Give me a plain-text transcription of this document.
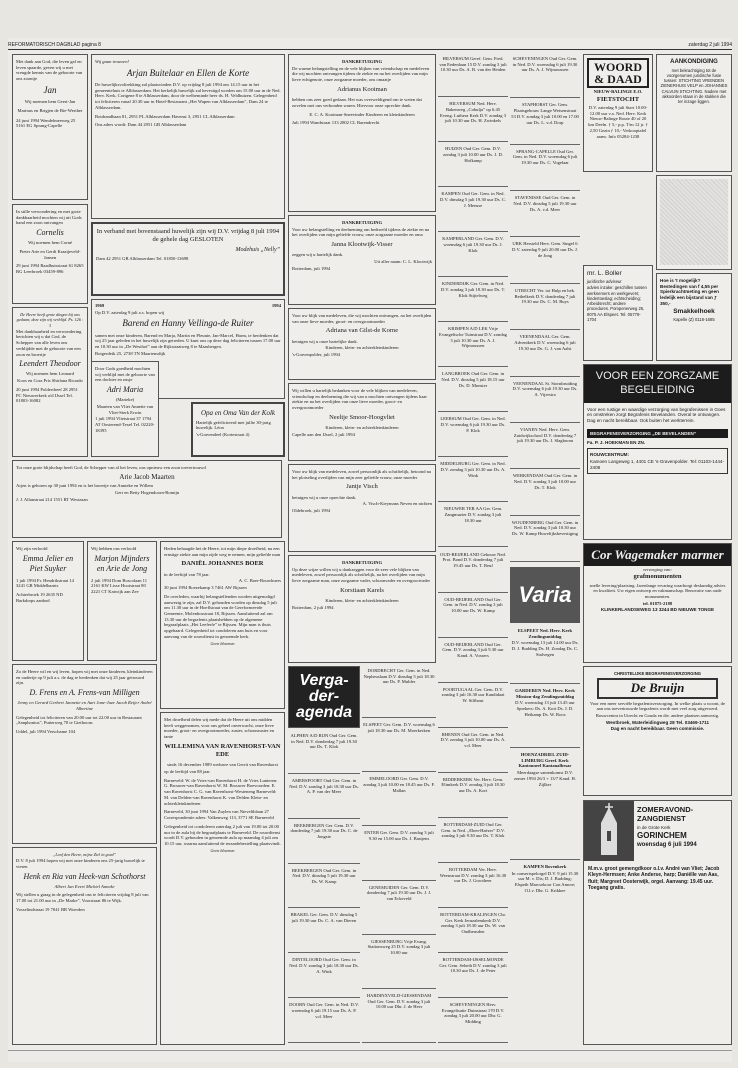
REFORMATORISCH DAGBLAD pagina 8	zaterdag 2 juli 1994

Met dank aan God, die leven gaf en leven spaarde, geven wij u met vreugde kennis van de geboorte van ons zoontje

Jan

Wij noemen hem Geert-Jan

Marinus en Brigjen de Bie-Werther

24 juni 1994 Wendelmeeweg 25 5161 EG Sprang-Capelle

In stille verwondering en met grote dankbaarheid mochten wij uit Gods hand een zoon ontvangen

Cornelis

Wij noemen hem Corné

Pieter Arie en Gerdi Kraaijeveld-Jansen

29 juni 1994 Raadhuisstraat 61 8265 BG Leerbroek 03459-896

De Heere heeft grote dingen bij ons gedaan; deze zijn wij verblijd. Ps. 126 : 3

Met dankbaarheid en verwondering berichten wij u dat God, de Schepper van alle leven ons verblijdde met de geboorte van een zoon en broertje

Leendert Theodoor

Wij noemen hem Leonard

Koos en Cora Pris Shirlana Ricardo

20 juni 1994 Polderdreef 28 2951 PC Nieuwerkerk a/d IJssel Tel. 01803-16082

Tot onze grote blijdschap heeft God, de Schepper van al het leven, ons opnieuw een zoon toevertrouwd

Arie Jacob Maarten

Arjen is geboren op 30 juni 1994 en is het broertje van Annieke en Willem

Gert en Betty Hogendoorn-Romijn

J. J. Allanstraat 214 1551 RT Westzaan

Wij zijn verloofd

Emma Jelier en Piet Suyker

1 juli 1994 Fr. Hendrikstraat 14 3241 GR Middelharnis

Achterbroek 19 2635 ND Barkdorps aanbod

Wij hebben ons verloofd

Marjon Mijnders en Arie de Jong

2 juli 1994 Dom Boscolaan 11 2161 KW Lisse Hooistraat 80 2221 CT Katwijk aan Zee

Zo de Heere wil en wij leven, hopen wij met onze kinderen, kleinkinderen en oudertje op 9 juli a.s. de dag te herdenken dat wij 25 jaar getrouwd zijn.

D. Frens en A. Frens-van Milligen

Jenny en Gerard Gerbert Jannette en Aart Jane-Jaze Jacob Reijer André Albertine

Gelegenheid tot feliciteren van 20.00 uur tot 22.00 uur in Restaurant „Sanphonius”, Putterweg 70 te Giethoorn.

Uddel, juli 1994 Verschame 104

„Loof den Heere, mijne Ziel in goed”

D.V. 8 juli 1994 hopen wij met onze kinderen ons 25-jarig huwelijk te vieren

Henk en Ria van Heek-van Schothorst

Albert Jan Evert Michiel Anneke

Wij stellen u graag in de gelegenheid ons te feliciteren vrijdag 8 juli van 17.00 tot 21.00 uur in „De Marke”, Voorstraat 86 te Wijk.

Vosselindstraat 19 7041 BR Woerden

Wij gaan trouwen!

Arjan Buitelaar en Ellen de Korte

De huwelijksvoltrekking zal plaatsvinden D.V. op vrijdag 8 juli 1994 om 14.15 uur in het gemeentehuis te Alblasserdam. Het kerkelijk huwelijk zal bevestigd worden om 15.00 uur in de Ned. Herv. Kerk, Cortgene 8 te Alblasserdam, door de welbeminde heer ds. H. Veldhuizen. Gelegenheid tot feliciteren vanaf 20.30 uur in Hotel-Restaurant „Het Wapen van Alblasserdam”, Dam 24 te Alblasserdam.

Botdrandhaan 81, 2951 PL Alblasserdam Havenst 3, 2951 CL Alblasserdam

Ons adres wordt: Dam 44 2951 GB Alblasserdam

In verband met bovenstaand huwelijk zijn wij D.V. vrijdag 8 juli 1994 de gehele dag GESLOTEN

Modehuis „Nelly”

Dam 42 2951 GB Alblasserdam Tel. 01850-13698

1969	1994

Op D.V. zaterdag 9 juli a.s. hopen wij

Barend en Hanny Vellinga-de Ruiter

samen met onze kinderen, Barend en Marja, Martin en Pleunie, Jan-Marcel, Harm, te herdenken dat wij 25 jaar geleden in het huwelijk zijn getreden. U kunt ons op deze dag feliciteren tussen 17.00 uur en 18.30 uur in „De Westhof” aan de Rijkstraatweg 8 te Maasbergen.

Boigerdeik 25, 2738 TN Maartensdijk

Door Gods goedheid mochten wij verblijd met de geboorte van een dochter en zusje

Adri Maria

(Marieke)

Maarten van Vliet Annette van Vliet-Sterk Erwin

1 juli 1994 Vlietstraat 37 1794 AT Oosterend-Texel Tel. 02220-18395

Opa en Oma Van der Kolk

Hartelijk gefeliciteerd met jullie 30-jarig huwelijk. Léon

's-Gravendeel (Kortestraat 4)

Heden behaagde het de Heere, tot mijn diepe droefheid, na een ernstige ziekte aan mijn zijde weg te nemen, mijn geliefde man

DANIËL JOHANNES BOER

in de leeftijd van 78 jaar.

A. C. Boer-Bouwhuers

30 juni 1994 Boezekamp 3 7461 AW Rijssen

De overleden, waarbij belangstellenden worden uitgenodigd aanwezig te zijn, zal D.V. gehouden worden op dinsdag 5 juli om 11.30 uur in de Hoeflstraat van de Gereformeerde Gemeente, Molenbosstraat 18, Rijssen. Aansluitend zal om 13.30 uur de begrafenis plaatshebben op de algemene begraafplaats „Het Leeferfe” te Rijssen. Mijn man is thuis opgebaard. Gelegenheid tot condoleren aan huis en voor aanvang van de rouwdienst in genoemde kerk.

Geen bloemen

Met droefheid delen wij mede dat de Heere uit ons midden heeft weggenomen, voor ons geheel onverwacht, onze lieve moeder, groot- en overgrootmoeder, zuster, schoonzuster en tante

WILLEMINA VAN RAVENHORST-VAN EDE

sinds 16 december 1989 weduwe van Gerrit van Ravenhorst

op de leeftijd van 88 jaar.

Barneveld: W. de Vries-van Ravenhorst H. de Vries Lunteren: G. Brouwer-van Ravenhorst W. M. Brouwer Boevoorden: E. van Ravenhorst C. G. van Ravenhorst-Westeneng Barneveld: M. van Delden-van Ravenhorst K. van Delden Klein- en achterkleinkinderen

Barneveld, 30 juni 1994 Van Zuylen van Nievelthlaan 27 Correspondentie adres: Valkenweg 113, 3771 SE Barneveld

Gelegenheid tot condoleren zaterdag 2 juli van 19.00 tot 20.00 uur in de aula bij de begraafplaats te Barneveld. De rouwdienst wordt D.V. gehouden in genoemde aula op maandag 4 juli om 10.15 uur, waarna aansluitend de teraardebestelling plaatsvindt.

Geen bloemen

DANKBETUIGING

De warme belangstelling en de vele blijken van vriendschap en medeleven die wij mochten ontvangen tijdens de ziekte en na het overlijden van mijn lieve echtgenote, onze zorgzame moeder, ons omaatje

Adrianus Kooiman

hebben ons zeer goed gedaan. Het was overweldigend om te weten dat zovelen met ons verbonden waren. Hiervoor onze oprechte dank.

E. C. A. Kooiman-Sneevinder Kinderen en kleinkinderen

Juli 1994 Wandstraat 133 2802 CL Barendrecht

DANKBETUIGING

Voor uw belangstelling en deelneming om bedroefd tijdens de ziekte en na het overlijden van mijn geliefde vrouw, onze zorgzame moeder en oma

Janna Klootwijk-Visser

zeggen wij u hartelijk dank.

Uit aller naam: C. L. Klootwijk

Rotterdam, juli 1994

Voor uw blijk van medeleven, die wij mochten ontvangen, na het overlijden van onze lieve moeder, groot- en overgrootmoeder

Adriana van Gilst-de Korne

betuigen wij u onze hartelijke dank.

Kinderen, klein- en achterkleinkinderen

's-Gravenpolder, juli 1994

Wij willen u hartelijk bedanken voor de vele blijken van medeleven, vriendschap en deelneming die wij van u mochten ontvangen tijdens haar ziekte en na het overlijden van onze lieve moeder, groot- en overgrootmoeder

Neeltje Smoor-Hoogvliet

Kinderen, klein- en achterkleinkinderen

Capelle aan den IJssel, 2 juli 1994

Voor uw blijk van medeleven, zowel persoonlijk als schriftelijk, betoond na het plotseling overlijden van mijn zeer geliefde vrouw, onze moeder

Jantje Visch

betuigen wij u onze oprechte dank.

A. Visch-Kieymans Neven en nichten

Oldebroek, juli 1994

DANKBETUIGING

Op deze wijze willen wij u dankzeggen voor de zeer vele blijken van medeleven, zowel persoonlijk als schriftelijk, na het overlijden van mijn lieve zorgzame man, onze zorgzame vader, schoonvader en overgrootvader

Korstiaan Karels

Kinderen, klein- en achterkleinkinderen

Rotterdam, 2 juli 1994

Vergaderagenda

ALPHEN A/D RIJN Oud Ger. Gem. in Ned. D.V. donderdag 7 juli 19.30 uur Ds. T. Klok

AMERSFOORT Oud Ger. Gem. in Ned. D.V. zondag 3 juli 18.30 uur Ds. A. P. van der Meer

BEEKBERGEN Ger. Gem. D.V. donderdag 7 juli 19.30 uur Ds. C. de Jongste

BEEKBERGEN Oud Ger. Gem. in Ned. D.V. dinsdag 5 juli 19.30 uur Ds. W. Kamp

BRAKEL Ger. Gem. D.V. dinsdag 5 juli 19.30 uur Ds. C. A. van Dieren

DINTELOORD Oud Ger. Gem. in Ned. D.V. zondag 3 juli 18.30 uur Ds. A. Wink

DOORN Oud Ger. Gem. in Ned. D.V. woensdag 6 juli 19.15 uur Ds. A. P. v.d. Meer

DORDRECHT Ger. Gem. in Ned. Nepheuslaan D.V. dinsdag 5 juli 18.30 uur Ds. P. Mulder

ELSPEET Ger. Gem. D.V. woensdag 6 juli 18.30 uur Ds. M. Moerkerken

EMMELOORD Ger. Gem. D.V. zondag 3 juli 10.00 en 18.45 uur Ds. F. Mallan

ENTER Ger. Gem. D.V. zondag 3 juli 9.30 en 15.00 uur Ds. J. Bastjens

GENEMUIDEN Ger. Gem. D.V. donderdag 7 juli 19.30 uur Ds. J. J. van Eckeveld

GIESSENBURG Vrije Evang. Stationsweg 25 D.V. zondag 3 juli 10.00 uur

HARDINXVELD-GIESSENDAM Oud Ger. Gem. D.V. zondag 3 juli 10.00 uur Dhr. J. de Heer

HILVERSUM Geref. Gem. Fred. van Eedenlaan 15 D.V. zondag 3 juli 10.30 uur Ds. A. B. van der Heiden

HILVERSUM Ned. Herv. Bakenweg „Cobulja” op 6.45 Eveng. Luthera Kerk D.V. zondag 3 juli 10.30 uur Ds. H. Zwinkels

HUIZEN Oud Ger. Gem. D.V. zondag 3 juli 10.00 uur Ds. J. D. Hofkamp

KAMPEN Oud Ger. Gem. in Ned. D.V. dinsdag 5 juli 19.30 uur Ds. C. J. Meeuse

KAMPERLAND Ger. Gem. D.V. woensdag 6 juli 19.30 uur Ds. J. Klok

KINDERDIJK Ger. Gem. in Ned. D.V. zondag 3 juli 18.30 uur Ds. T. Klok Stijtelweg

KRIMPEN A/D LEK Vrije Evangelische Tuinstraat D.V. zondag 3 juli 10.30 uur Ds. A. J. Wijmoussen

LANGBROEK Oud Ger. Gem. in Ned. D.V. dinsdag 5 juli 18.15 uur Ds. D. Monster

LEERSUM Oud Ger. Gem. in Ned. D.V. woensdag 6 juli 19.30 uur Ds. P. Klok

MIDDELBURG Ger. Gem. in Ned. D.V. zondag 3 juli 10.30 uur Ds. A. Wink

NIEUWER TER AA Ger. Gem. Zangmuzier D.V. zondag 3 juli 18.30 uur

OUD-BEIJERLAND Gebouw Ned. Prot. Bond D.V. donderdag 7 juli 19.45 uur Ds. T. Reuf

OUD-BEIJERLAND Oud Ger. Gem. in Ned. D.V. zondag 3 juli 10.00 uur Ds. W. Kamp

OUD-BEIJERLAND Oud Ger. Gem. D.V. zondag 3 juli 9.30 uur Kand. A. Vossers

POORTUGAAL Ger. Gem. D.V. zondag 3 juli 16.30 uur Kandidaat W. Silfhout

RHENEN Oud Ger. Gem. in Ned. D.V. zondag 3 juli 10.00 uur Ds. A. v.d. Meer

RIDDERKERK Ver. Herv. Gem. Elimkerk D.V. zondag 3 juli 18.30 uur Ds. A. Kort

ROTTERDAM-ZUID Oud Ger. Gem. in Ned. „Eben-Haëzer” D.V. zondag 3 juli 9.30 uur Ds. T. Klok

ROTTERDAM Ver. Herv. Weenstraat D.V. zondag 3 juli 16.30 uur Ds. J. Grootheer

ROTTERDAM-KRALINGEN Chr. Ger. Kerk Jeruzalemkerk D.V. zondag 3 juli 18.30 uur Ds. W. van Oudheusden

ROTTERDAM-IJSSELMONDE Ger. Gem. Sebeth D.V. zondag 3 juli 10.30 uur Ds. J. de Peter

SCHEVENINGEN Herv. Evangelisatie Duinstraat 170 D.V. zondag 3 juli 20.00 uur Dhr. G. Midding

SCHEVENINGEN Oud Ger. Gem. in Ned. D.V. woensdag 6 juli 19.30 uur Ds. A. J. Wijmoussen

STAPHORST Ger. Gem. Plaatsgebouw Lange Wetsenstraat 53 D.V. zondag 3 juli 10.00 en 17.00 uur Ds. L. v.d. Dorp

SPRANG-CAPELLE Oud Ger. Gem. in Ned. D.V. woensdag 6 juli 19.30 uur Ds. C. Vogelaar

STAVENISSE Oud Ger. Gem. in Ned. D.V. dinsdag 5 juli 19.30 uur Ds. A. v.d. Meer

URK Hersteld Herv. Gem. Singel 6 D.V. zaterdag 9 juli 20.00 uur Ds. J. de Jong

UTRECHT Ver. tot Hulp en bek. Bethelkerk D.V. donderdag 7 juli 19.30 uur Ds. C. M. Buys

VEENENDAAL Ger. Gem. Adventkerk D.V. woensdag 6 juli 19.30 uur Ds. G. J. van Aalst

VEENENDAAL St. Sionsbruiding D.V. woensdag 6 juli 19.30 uur Ds. A. Vijerstra

VIANEN Ned. Herv. Gem. Zuidwijkschool D.V. donderdag 7 juli 19.30 uur Ds. J. Slagboom

WERKENDAM Oud Ger. Gem. in Ned. D.V. zondag 3 juli 10.00 uur Ds. T. Klok

WOUDENBERG Oud Ger. Gem. in Ned. D.V. zondag 3 juli 10.30 uur Ds. W. Kamp Huwelijksbevestiging

Varia

ELSPEET Ned. Herv. Kerk Zendingsmiddag

D.V. woensdag 13 juli 14.00 uur Ds. D. J. Budding Ds. H. Zondag Ds. C. Stalvegen

GARDEREN Ned. Herv. Kerk Mission-dag Zendingsmiddag

D.V. woensdag 13 juli 13.45 uur Sprekers: Ds. A. Kort Ds. J. D. Heikamp Ds. W. Roos

HOENZADRIEL ZUID-LIMBURG Geref. Kerk Kantonneel Kantanalbesar

Meerdaagse samenkomst D.V. zomer 1994 26/3 + 13/7 Kand. H. Zijlker

KAMPEN Bovenkerk

In consertspelorgel D.V. 9 juli 15.30 uur M. v. Dis; D. J. Budding; Elspeth Marcsekoor Con Amore; O.l.v. Dhr. G. Krikkee

WOORD & DAAD

NIEUW-BALINGE E.O.

FIETSTOCHT

D.V. zaterdag 9 juli Start 10.00-12.00 uur v.a. Ned. Herv. Kerk Nieuw-Balinge Route 40 of 20 km Deeln. ƒ 5,- p.p. T/m 12 jr. ƒ 2,50 Gezin ƒ 10,- Verkooptafel aanw. Info 05284-1238

AANKONDIGING

met bekrachtiging tot de voorgenomen juridische fusie tussen: STICHTING VRIENDEN ZIENERHUIS VELP en JOHANNES CALVIJN STICHTING. Nadere met akkoorden staan in de stukken die ter inzage liggen.

mr. L. Boller

juridische adviseur

advies inzake: geschillen tussen werknemers en werkgevers; kindertoeslag; echtscheiding; Arbeidsrecht; andere procedures. Pompenerweg 25, 8075 AA Elspeet. Tel. 05779-1704

Hoe is 't mogelijk? Bestedingen van f 4,55 per Spierkrachtmeting en geen ledelijk een bijstand van ƒ 350,-

Smakkelhoek

Kapelle (Z) 0118-1685

VOOR EEN ZORGZAME BEGELEIDING

Voor een rustige en waardige verzorging van begrafenissen in Goes en omstreken zorgt Begrafenis Bevelanden. Overal te ontvangen. Dag en nacht bereikbaar. Ook buiten het werkterrein.

BEGRAFENISVERZORGING „DE BEVELANDEN”

Fa. P. J. HOEKMAN EN ZN.

ROUWCENTRUM:

Kamoen Langeweg 1, 4401 CE 's-Gravenpolder. Tel: 01103-1444-2408

Cor Wagemaker marmer

verzorging van:

grafmonumenten

snelle levering/plaatsing. Jarenlange ervaring waarborgt deskundig advies en kwaliteit. Uw eigen ontwerp en vakmanschap. Renovatie van oude monumenten.

tel. 01875-2188

KLINKERLANDSEWEG 13 3244 BD NIEUWE TONGE

CHRISTELIJKE BEGRAFENISVERZORGING

De Bruijn

Voor een meer serviële begrafenisverzorging. In welke plaats u woont, de aan ons toevertrouwde begrafenis wordt met veel zorg uitgevoerd.

Rouwcentra in Utrecht en Gouda en div. andere plaatsen aanwezig.

Westbroek, Waterleidingweg 28 Tel. 03469-1711

Dag en nacht bereikbaar. Geen commissie.

ZOMERAVOND-ZANGDIENST

in de Grote Kerk

GORINCHEM

woensdag 6 juli 1994

M.m.v. groot gemengdkoor o.l.v. André van Vliet; Jacob Kleyn-Hermsen; Anke Anderse, harp; Daniëlle van Aas, fluit; Margreet Oosterwijk, orgel. Aanvang: 19.45 uur. Toegang gratis.
